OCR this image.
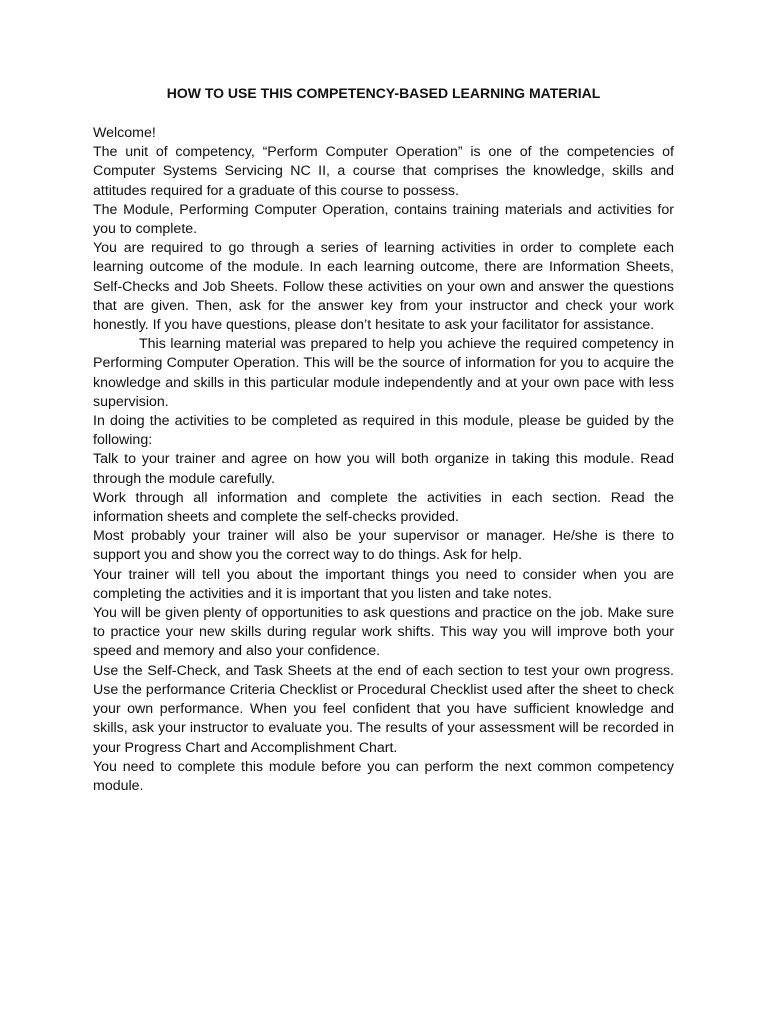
HOW TO USE THIS COMPETENCY-BASED LEARNING MATERIAL

Welcome!

The unit of competency, “Perform Computer Operation” is one of the competencies of Computer Systems Servicing NC II, a course that comprises the knowledge, skills and attitudes required for a graduate of this course to possess.

The Module, Performing Computer Operation, contains training materials and activities for you to complete.

You are required to go through a series of learning activities in order to complete each learning outcome of the module. In each learning outcome, there are Information Sheets, Self-Checks and Job Sheets. Follow these activities on your own and answer the questions that are given. Then, ask for the answer key from your instructor and check your work honestly. If you have questions, please don’t hesitate to ask your facilitator for assistance.

This learning material was prepared to help you achieve the required competency in Performing Computer Operation. This will be the source of information for you to acquire the knowledge and skills in this particular module independently and at your own pace with less supervision.

In doing the activities to be completed as required in this module, please be guided by the following:

Talk to your trainer and agree on how you will both organize in taking this module. Read through the module carefully.

Work through all information and complete the activities in each section. Read the information sheets and complete the self-checks provided.

Most probably your trainer will also be your supervisor or manager. He/she is there to support you and show you the correct way to do things. Ask for help.

Your trainer will tell you about the important things you need to consider when you are completing the activities and it is important that you listen and take notes.

You will be given plenty of opportunities to ask questions and practice on the job. Make sure to practice your new skills during regular work shifts. This way you will improve both your speed and memory and also your confidence.

Use the Self-Check, and Task Sheets at the end of each section to test your own progress. Use the performance Criteria Checklist or Procedural Checklist used after the sheet to check your own performance. When you feel confident that you have sufficient knowledge and skills, ask your instructor to evaluate you. The results of your assessment will be recorded in your Progress Chart and Accomplishment Chart.

You need to complete this module before you can perform the next common competency module.
